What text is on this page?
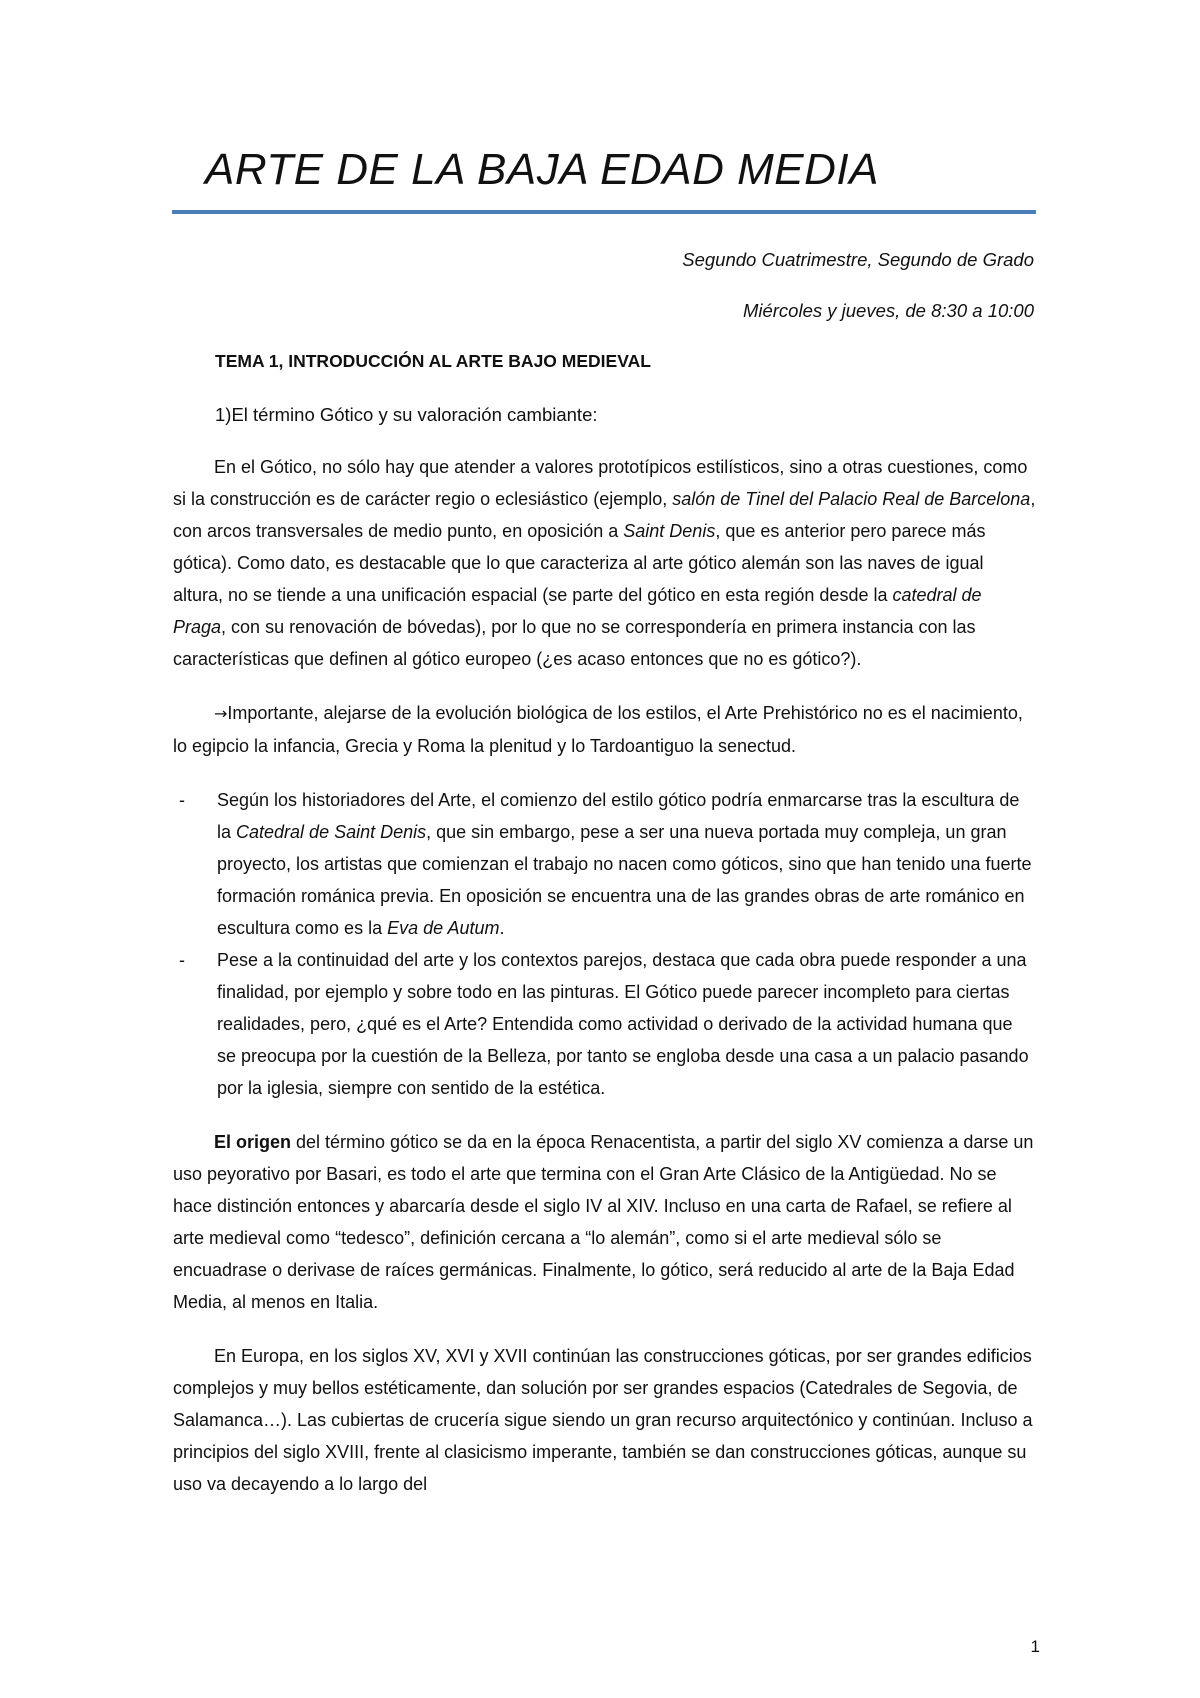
ARTE DE LA BAJA EDAD MEDIA

Segundo Cuatrimestre, Segundo de Grado

Miércoles y jueves, de 8:30 a 10:00

TEMA 1, INTRODUCCIÓN AL ARTE BAJO MEDIEVAL

1)El término Gótico y su valoración cambiante:

En el Gótico, no sólo hay que atender a valores prototípicos estilísticos, sino a otras cuestiones, como si la construcción es de carácter regio o eclesiástico (ejemplo, salón de Tinel del Palacio Real de Barcelona, con arcos transversales de medio punto, en oposición a Saint Denis, que es anterior pero parece más gótica). Como dato, es destacable que lo que caracteriza al arte gótico alemán son las naves de igual altura, no se tiende a una unificación espacial (se parte del gótico en esta región desde la catedral de Praga, con su renovación de bóvedas), por lo que no se correspondería en primera instancia con las características que definen al gótico europeo (¿es acaso entonces que no es gótico?).

→Importante, alejarse de la evolución biológica de los estilos, el Arte Prehistórico no es el nacimiento, lo egipcio la infancia, Grecia y Roma la plenitud y lo Tardoantiguo la senectud.

- Según los historiadores del Arte, el comienzo del estilo gótico podría enmarcarse tras la escultura de la Catedral de Saint Denis, que sin embargo, pese a ser una nueva portada muy compleja, un gran proyecto, los artistas que comienzan el trabajo no nacen como góticos, sino que han tenido una fuerte formación románica previa. En oposición se encuentra una de las grandes obras de arte románico en escultura como es la Eva de Autum.
- Pese a la continuidad del arte y los contextos parejos, destaca que cada obra puede responder a una finalidad, por ejemplo y sobre todo en las pinturas. El Gótico puede parecer incompleto para ciertas realidades, pero, ¿qué es el Arte? Entendida como actividad o derivado de la actividad humana que se preocupa por la cuestión de la Belleza, por tanto se engloba desde una casa a un palacio pasando por la iglesia, siempre con sentido de la estética.

El origen del término gótico se da en la época Renacentista, a partir del siglo XV comienza a darse un uso peyorativo por Basari, es todo el arte que termina con el Gran Arte Clásico de la Antigüedad. No se hace distinción entonces y abarcaría desde el siglo IV al XIV. Incluso en una carta de Rafael, se refiere al arte medieval como “tedesco”, definición cercana a “lo alemán”, como si el arte medieval sólo se encuadrase o derivase de raíces germánicas. Finalmente, lo gótico, será reducido al arte de la Baja Edad Media, al menos en Italia.

En Europa, en los siglos XV, XVI y XVII continúan las construcciones góticas, por ser grandes edificios complejos y muy bellos estéticamente, dan solución por ser grandes espacios (Catedrales de Segovia, de Salamanca…). Las cubiertas de crucería sigue siendo un gran recurso arquitectónico y continúan. Incluso a principios del siglo XVIII, frente al clasicismo imperante, también se dan construcciones góticas, aunque su uso va decayendo a lo largo del

1
